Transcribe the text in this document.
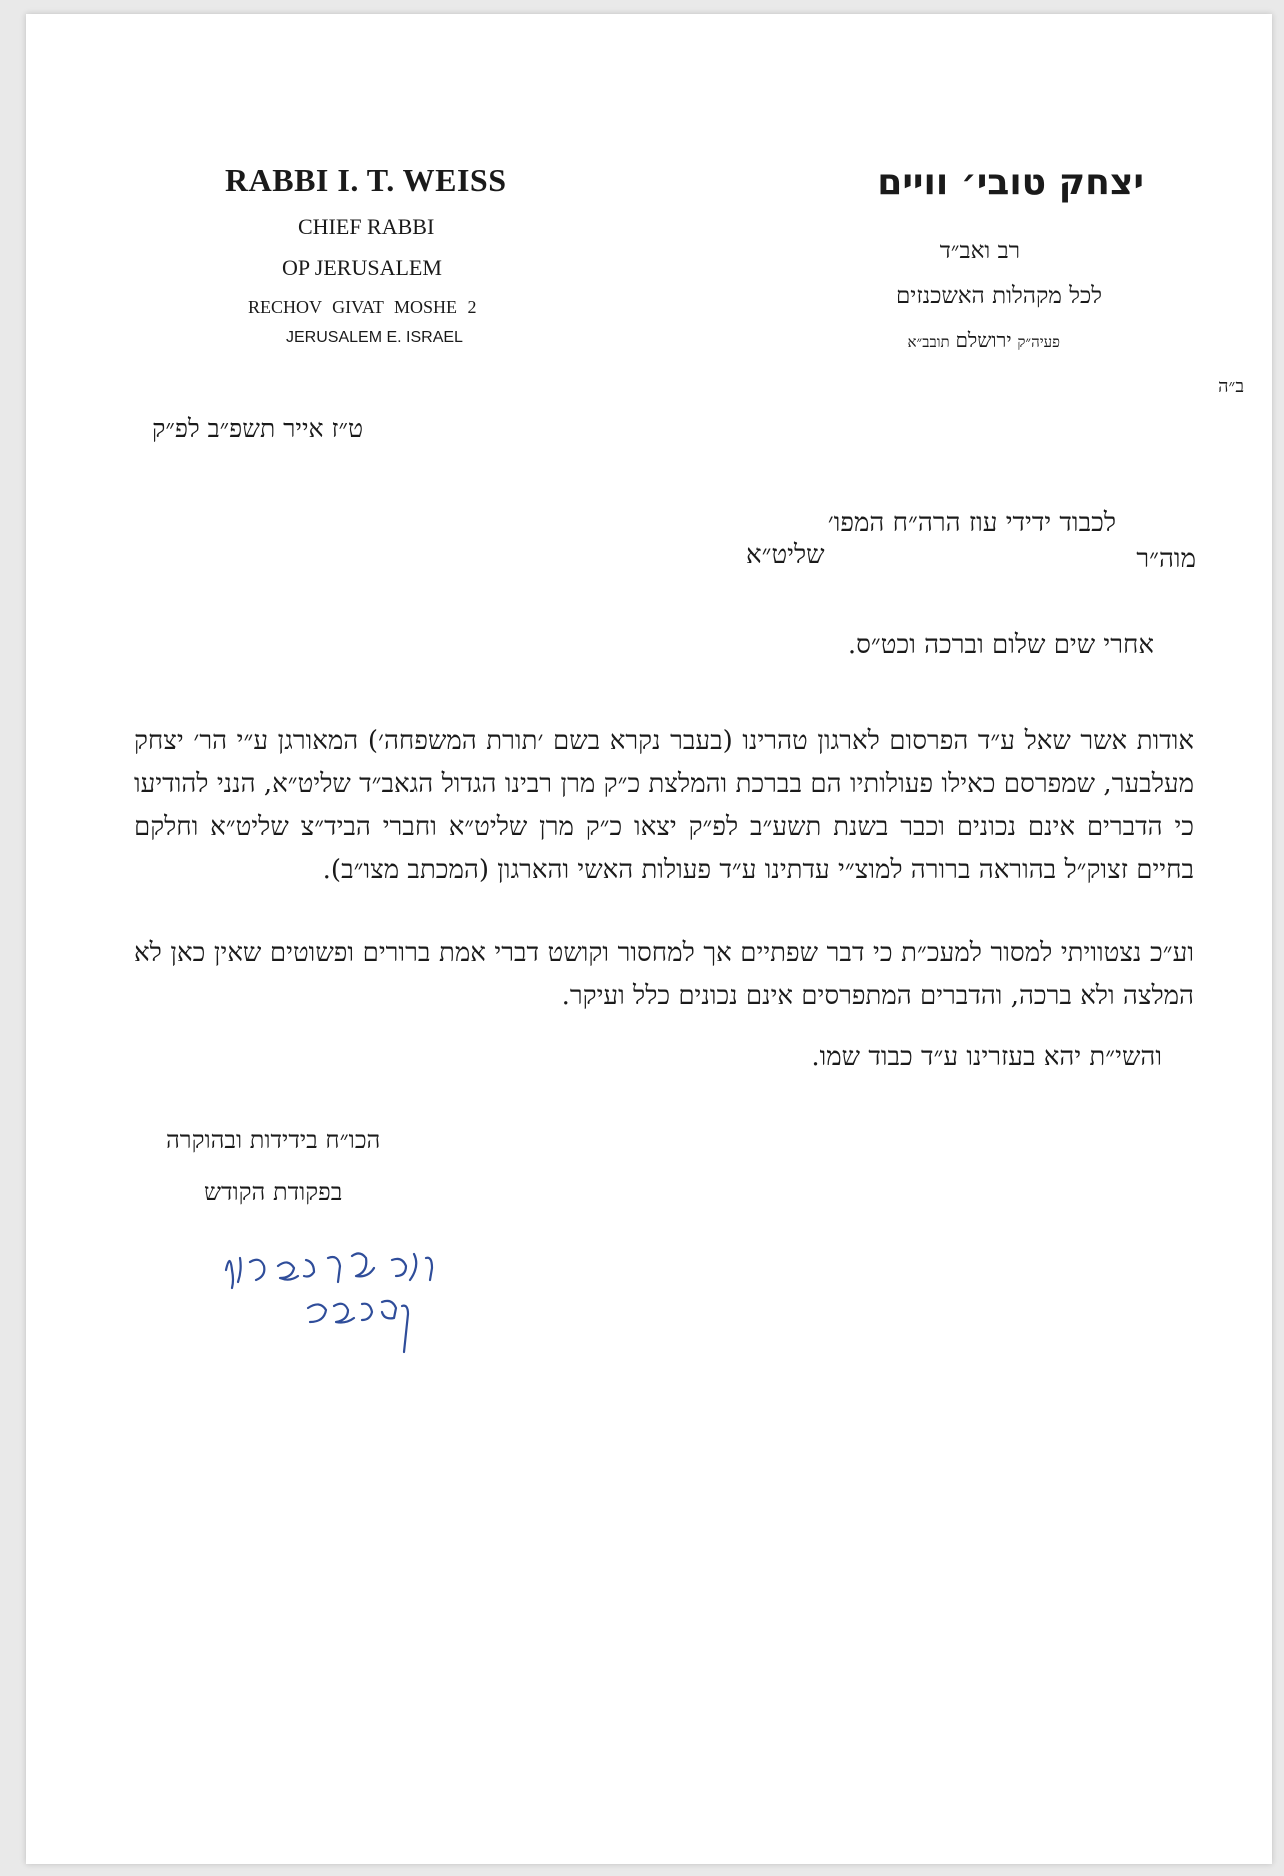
RABBI I. T. WEISS
CHIEF RABBI
OP JERUSALEM
RECHOV GIVAT MOSHE 2
JERUSALEM E. ISRAEL
יצחק טובי׳ וויים
רב ואב״ד
לכל מקהלות האשכנזים
פעיה״ק ירושלם תובב״א
ב״ה
ט״ז אייר תשפ״ב לפ״ק
לכבוד ידידי עוז הרה״ח המפו׳
מוה״ר
שליט״א
אחרי שים שלום וברכה וכט״ס.
אודות אשר שאל ע״ד הפרסום לארגון טהרינו (בעבר נקרא בשם ׳תורת המשפחה׳) המאורגן ע״י הר׳ יצחק מעלבער, שמפרסם כאילו פעולותיו הם בברכת והמלצת כ״ק מרן רבינו הגדול הגאב״ד שליט״א, הנני להודיעו כי הדברים אינם נכונים וכבר בשנת תשע״ב לפ״ק יצאו כ״ק מרן שליט״א וחברי הביד״צ שליט״א וחלקם בחיים זצוק״ל בהוראה ברורה למוצ״י עדתינו ע״ד פעולות האשי והארגון (המכתב מצו״ב).
וע״כ נצטוויתי למסור למעכ״ת כי דבר שפתיים אך למחסור וקושט דברי אמת ברורים ופשוטים שאין כאן לא המלצה ולא ברכה, והדברים המתפרסים אינם נכונים כלל ועיקר.
והשי״ת יהא בעזרינו ע״ד כבוד שמו.
הכו״ח בידידות ובהוקרה
בפקודת הקודש
